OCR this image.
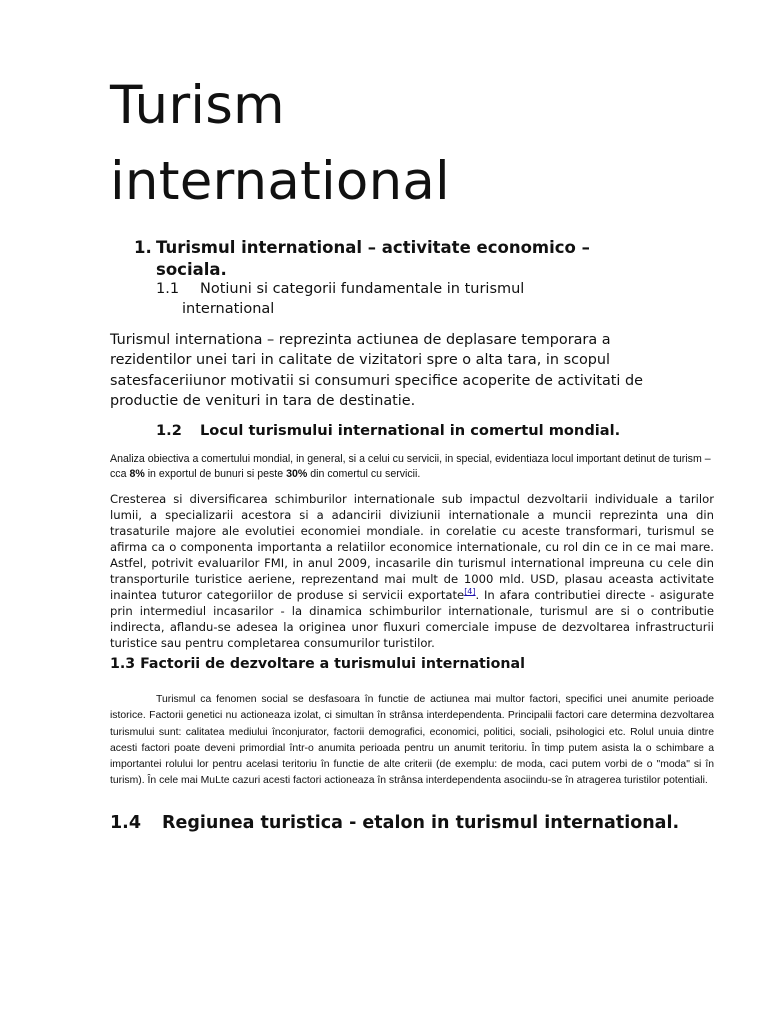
Turism
international
1. Turismul international – activitate economico –
sociala.
1.1 Notiuni si categorii fundamentale in turismul
international

Turismul internationa – reprezinta actiunea de deplasare temporara a
rezidentilor unei tari in calitate de vizitatori spre o alta tara, in scopul
satesfaceriiunor motivatii si consumuri specifice acoperite de activitati de
productie de venituri in tara de destinatie.

1.2 Locul turismului international in comertul mondial.

Analiza obiectiva a comertului mondial, in general, si a celui cu servicii, in special, evidentiaza locul important detinut de turism – cca 8% in exportul de bunuri si peste 30% din comertul cu servicii.

Cresterea si diversificarea schimburilor internationale sub impactul dezvoltarii individuale a tarilor lumii, a specializarii acestora si a adancirii diviziunii internationale a muncii reprezinta una din trasaturile majore ale evolutiei economiei mondiale. in corelatie cu aceste transformari, turismul se afirma ca o componenta importanta a relatiilor economice internationale, cu rol din ce in ce mai mare. Astfel, potrivit evaluarilor FMI, in anul 2009, incasarile din turismul international impreuna cu cele din transporturile turistice aeriene, reprezentand mai mult de 1000 mld. USD, plasau aceasta activitate inaintea tuturor categoriilor de produse si servicii exportate[4]. In afara contributiei directe - asigurate prin intermediul incasarilor - la dinamica schimburilor internationale, turismul are si o contributie indirecta, aflandu-se adesea la originea unor fluxuri comerciale impuse de dezvoltarea infrastructurii turistice sau pentru completarea consumurilor turistilor.

1.3 Factorii de dezvoltare a turismului international

Turismul ca fenomen social se desfasoara în functie de actiunea mai multor factori, specifici unei anumite perioade istorice. Factorii genetici nu actioneaza izolat, ci simultan în strânsa interdependenta. Principalii factori care determina dezvoltarea turismului sunt: calitatea mediului înconjurator, factorii demografici, economici, politici, sociali, psihologici etc. Rolul unuia dintre acesti factori poate deveni primordial într-o anumita perioada pentru un anumit teritoriu. În timp putem asista la o schimbare a importantei rolului lor pentru acelasi teritoriu în functie de alte criterii (de exemplu: de moda, caci putem vorbi de o "moda" si în turism). În cele mai MuLte cazuri acesti factori actioneaza în strânsa interdependenta asociindu-se în atragerea turistilor potentiali.

1.4 Regiunea turistica - etalon in turismul international.
